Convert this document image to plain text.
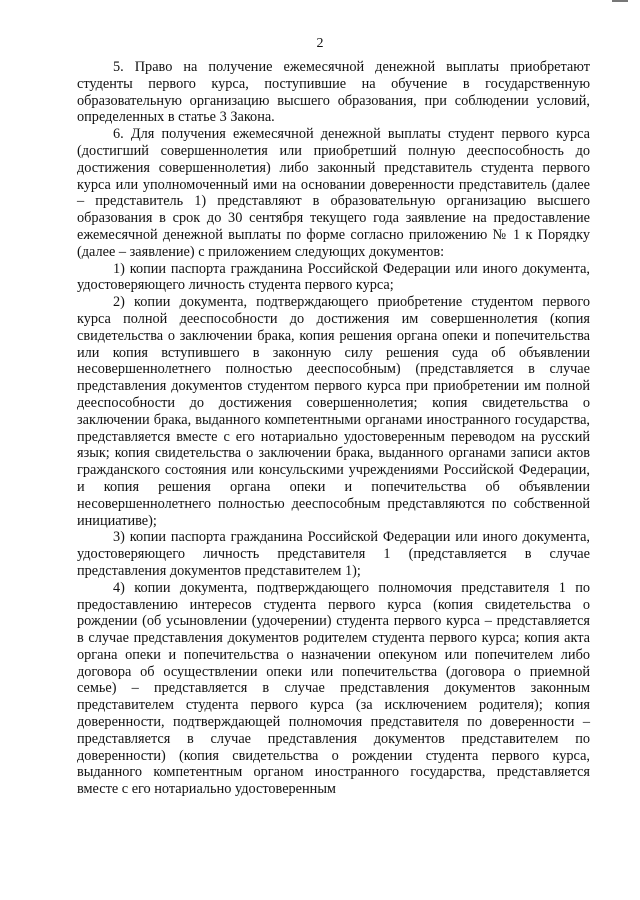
2

5. Право на получение ежемесячной денежной выплаты приобретают студенты первого курса, поступившие на обучение в государственную образовательную организацию высшего образования, при соблюдении условий, определенных в статье 3 Закона.

6. Для получения ежемесячной денежной выплаты студент первого курса (достигший совершеннолетия или приобретший полную дееспособность до достижения совершеннолетия) либо законный представитель студента первого курса или уполномоченный ими на основании доверенности представитель (далее – представитель 1) представляют в образовательную организацию высшего образования в срок до 30 сентября текущего года заявление на предоставление ежемесячной денежной выплаты по форме согласно приложению № 1 к Порядку (далее – заявление) с приложением следующих документов:

1) копии паспорта гражданина Российской Федерации или иного документа, удостоверяющего личность студента первого курса;

2) копии документа, подтверждающего приобретение студентом первого курса полной дееспособности до достижения им совершеннолетия (копия свидетельства о заключении брака, копия решения органа опеки и попечительства или копия вступившего в законную силу решения суда об объявлении несовершеннолетнего полностью дееспособным) (представляется в случае представления документов студентом первого курса при приобретении им полной дееспособности до достижения совершеннолетия; копия свидетельства о заключении брака, выданного компетентными органами иностранного государства, представляется вместе с его нотариально удостоверенным переводом на русский язык; копия свидетельства о заключении брака, выданного органами записи актов гражданского состояния или консульскими учреждениями Российской Федерации, и копия решения органа опеки и попечительства об объявлении несовершеннолетнего полностью дееспособным представляются по собственной инициативе);

3) копии паспорта гражданина Российской Федерации или иного документа, удостоверяющего личность представителя 1 (представляется в случае представления документов представителем 1);

4) копии документа, подтверждающего полномочия представителя 1 по предоставлению интересов студента первого курса (копия свидетельства о рождении (об усыновлении (удочерении) студента первого курса – представляется в случае представления документов родителем студента первого курса; копия акта органа опеки и попечительства о назначении опекуном или попечителем либо договора об осуществлении опеки или попечительства (договора о приемной семье) – представляется в случае представления документов законным представителем студента первого курса (за исключением родителя); копия доверенности, подтверждающей полномочия представителя по доверенности – представляется в случае представления документов представителем по доверенности) (копия свидетельства о рождении студента первого курса, выданного компетентным органом иностранного государства, представляется вместе с его нотариально удостоверенным
